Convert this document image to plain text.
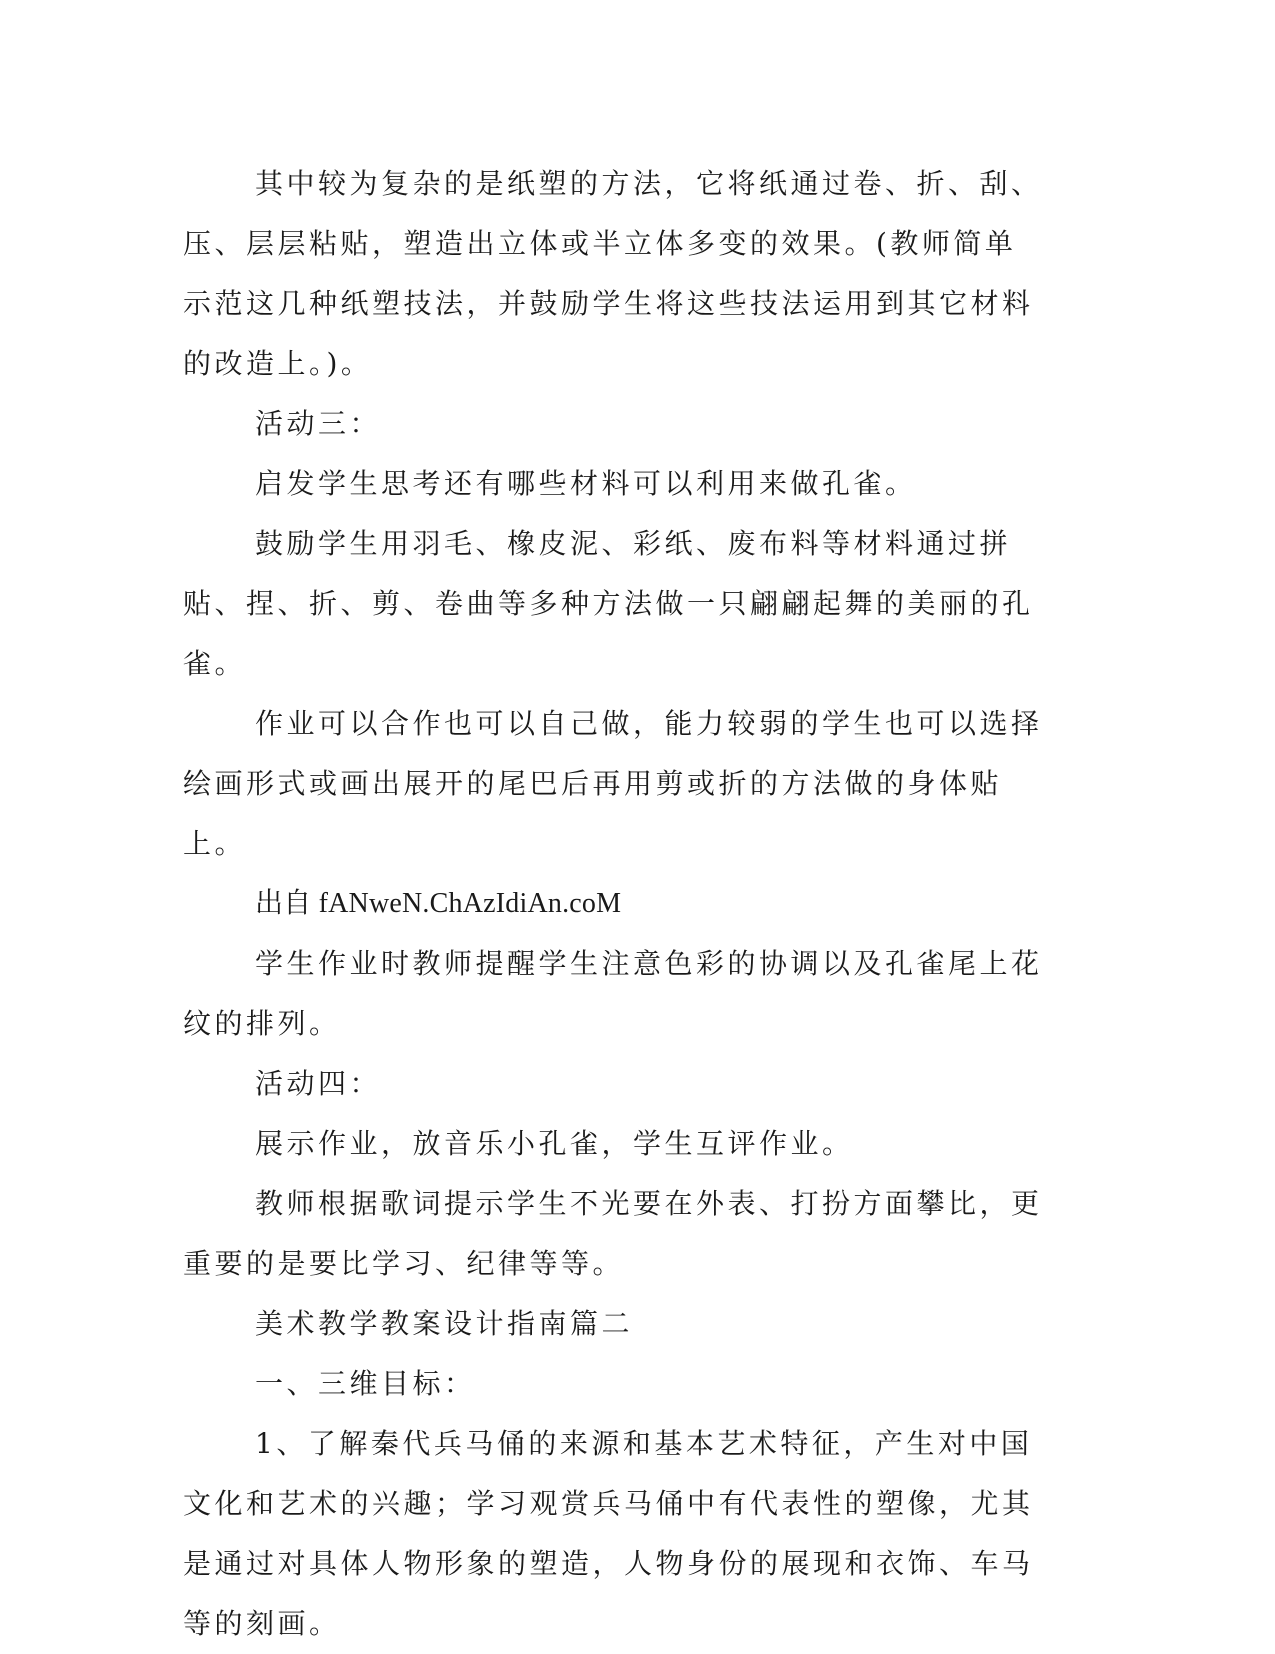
其中较为复杂的是纸塑的方法，它将纸通过卷、折、刮、压、层层粘贴，塑造出立体或半立体多变的效果。(教师简单示范这几种纸塑技法，并鼓励学生将这些技法运用到其它材料的改造上。)。

活动三：

启发学生思考还有哪些材料可以利用来做孔雀。

鼓励学生用羽毛、橡皮泥、彩纸、废布料等材料通过拼贴、捏、折、剪、卷曲等多种方法做一只翩翩起舞的美丽的孔雀。

作业可以合作也可以自己做，能力较弱的学生也可以选择绘画形式或画出展开的尾巴后再用剪或折的方法做的身体贴上。

出自 fANweN.ChAzIdiAn.coM

学生作业时教师提醒学生注意色彩的协调以及孔雀尾上花纹的排列。

活动四：

展示作业，放音乐小孔雀，学生互评作业。

教师根据歌词提示学生不光要在外表、打扮方面攀比，更重要的是要比学习、纪律等等。

美术教学教案设计指南篇二

一、三维目标：

1、了解秦代兵马俑的来源和基本艺术特征，产生对中国文化和艺术的兴趣；学习观赏兵马俑中有代表性的塑像，尤其是通过对具体人物形象的塑造，人物身份的展现和衣饰、车马等的刻画。
